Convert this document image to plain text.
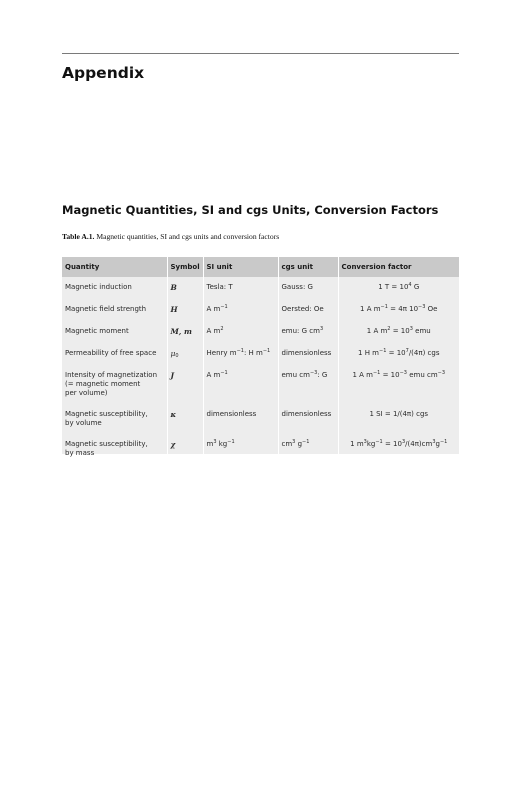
Appendix
Magnetic Quantities, SI and cgs Units, Conversion Factors
Table A.1. Magnetic quantities, SI and cgs units and conversion factors
Quantity	Symbol	SI unit	cgs unit	Conversion factor

Magnetic induction	B	Tesla: T	Gauss: G	1 $T = 10^4$ G

Magnetic field strength	H	A $m^{-1}$	Oersted: Oe	1 A $m^{-1} = 4\pi$ $10^{-3}$ Oe

Magnetic moment	M, m	A $m^2$	emu: G $cm^3$	1 A $m^2 = 10^3$ emu

Permeability of free space	$\mu_0$	Henry $m^{-1}$: H $m^{-1}$	dimensionless	1 H $m^{-1} = 10^7/(4\pi)$ cgs

Intensity of magnetization
(= magnetic moment
per volume)	J	A $m^{-1}$	emu $cm^{-3}$: G	1 A $m^{-1} = 10^{-3}$ emu $cm^{-3}$

Magnetic susceptibility,
by volume	κ	dimensionless	dimensionless	1 SI = 1/(4π) cgs

Magnetic susceptibility,
by mass	χ	$m^3$ $kg^{-1}$	$cm^3$ $g^{-1}$	1 $m^3kg^{-1} = 10^3/(4\pi)cm^3g^{-1}$
